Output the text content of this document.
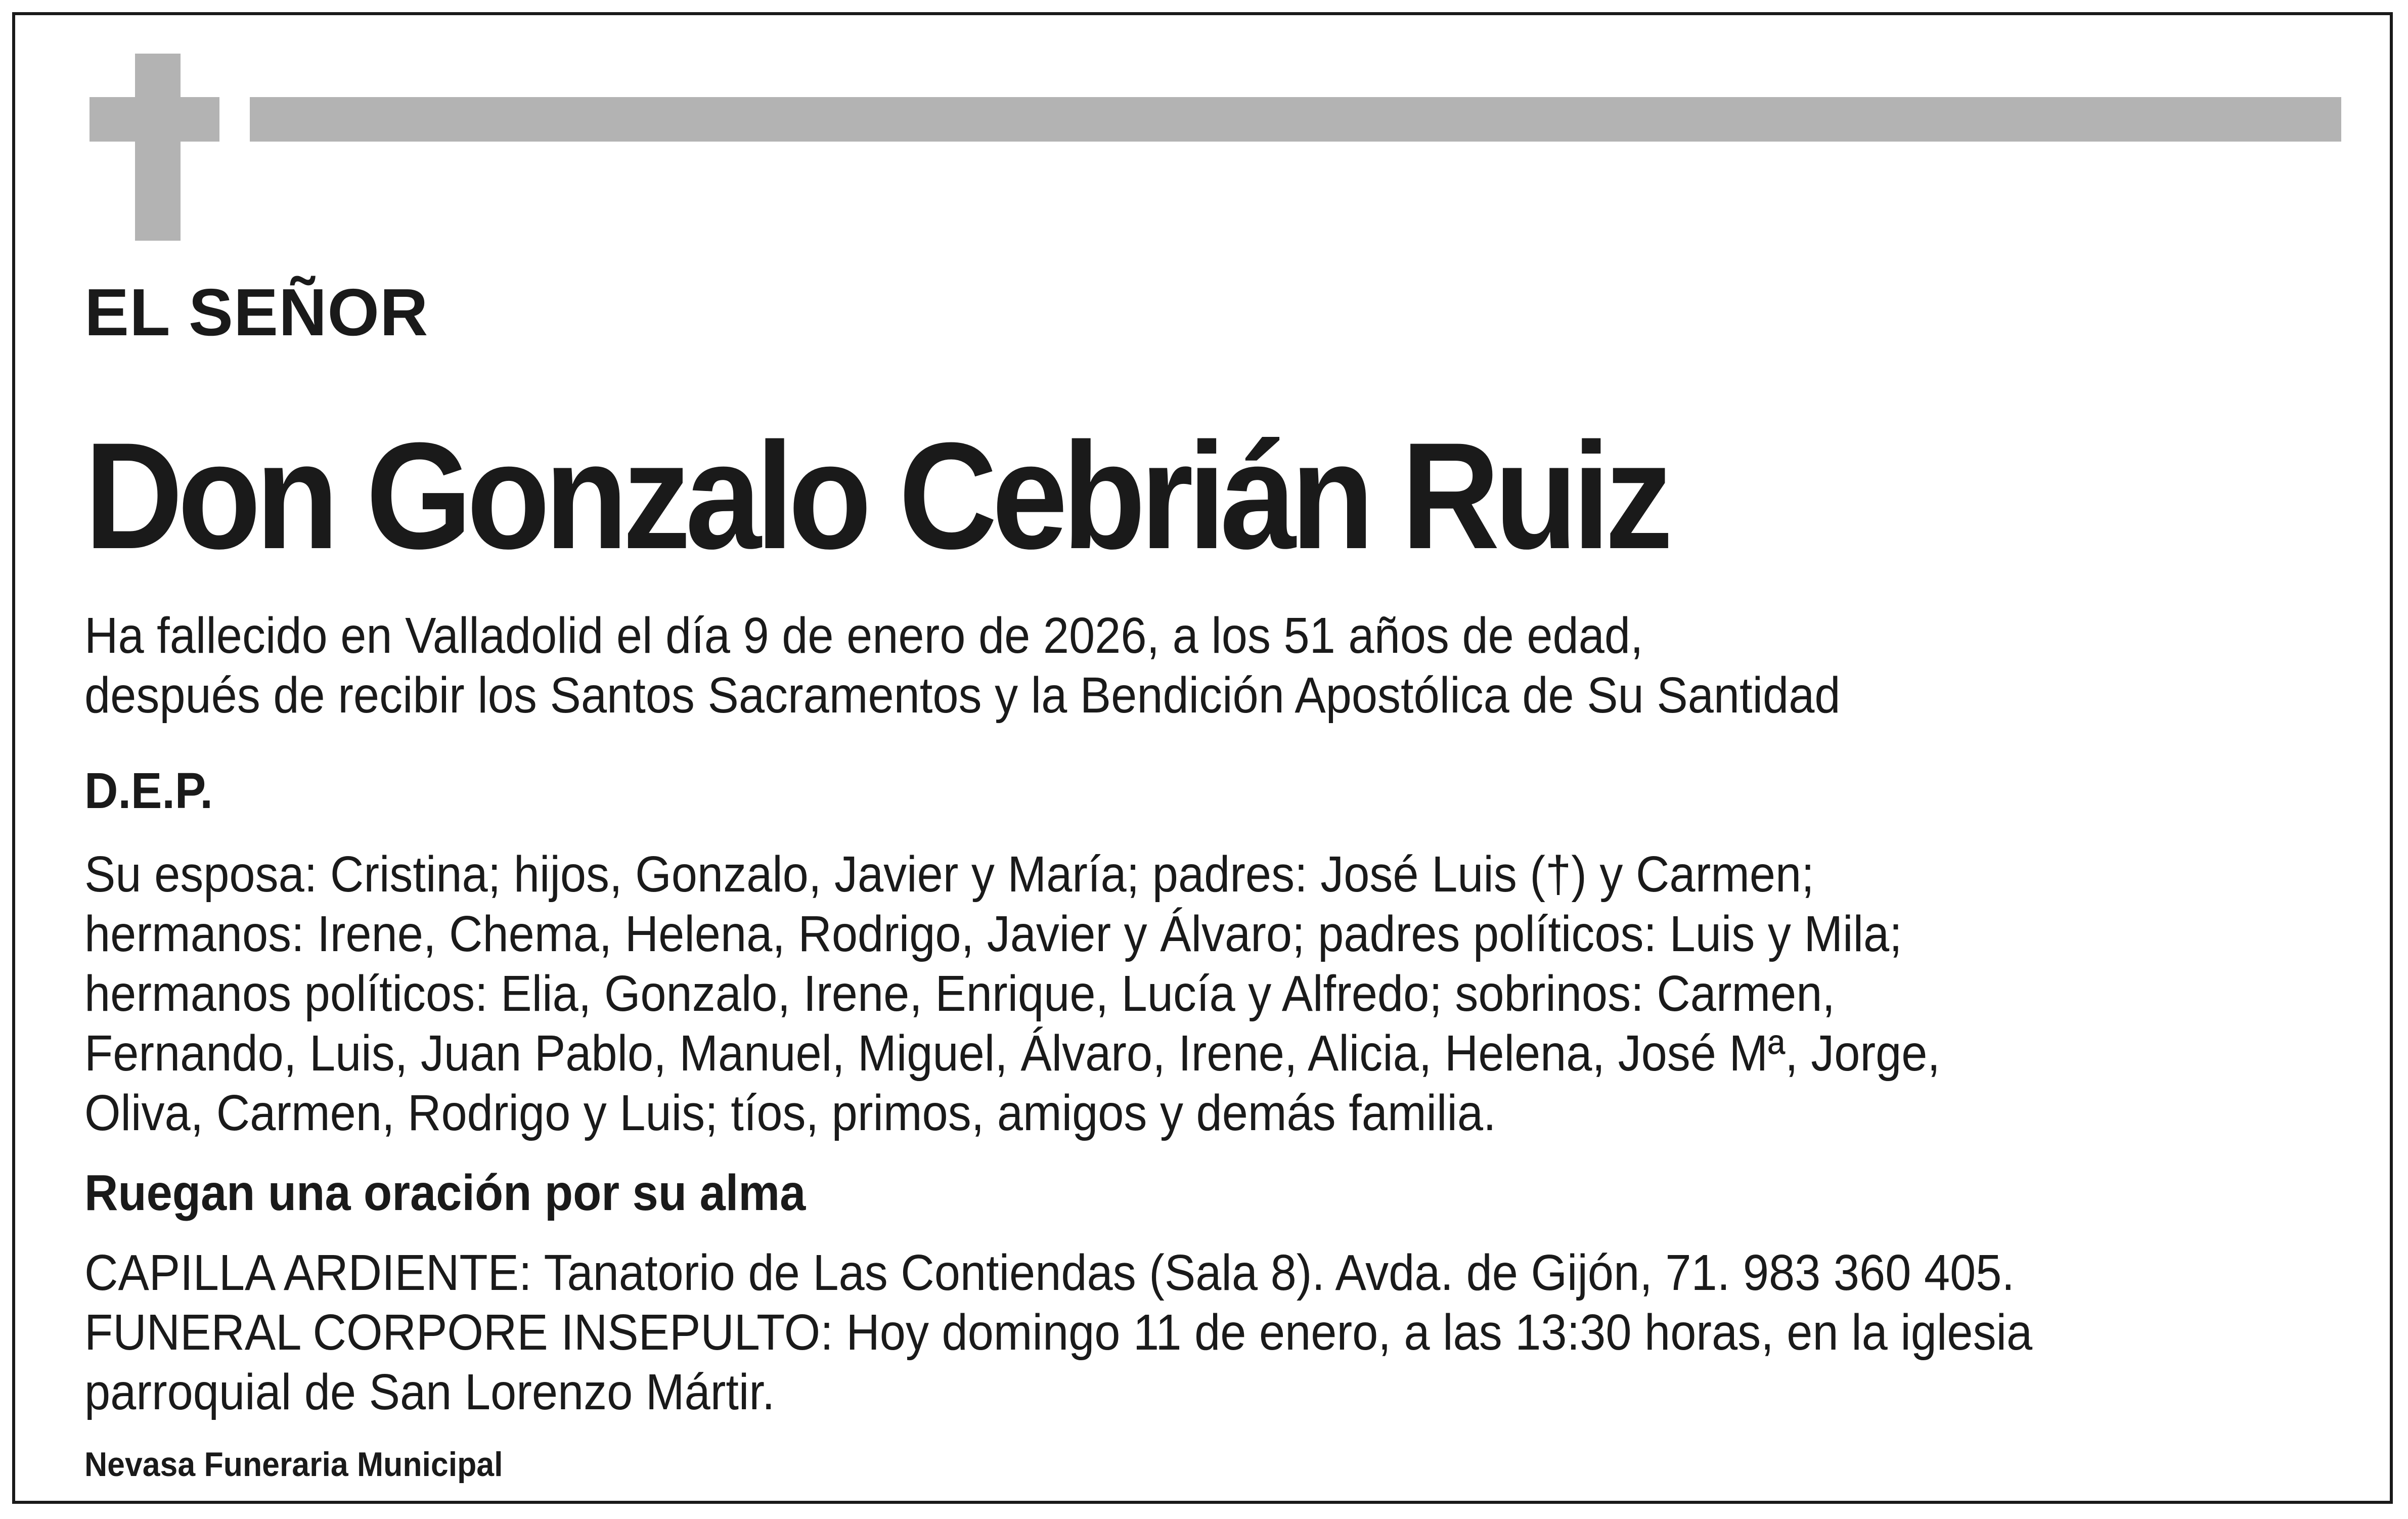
EL SEÑOR
Don Gonzalo Cebrián Ruiz
Ha fallecido en Valladolid el día 9 de enero de 2026, a los 51 años de edad,
después de recibir los Santos Sacramentos y la Bendición Apostólica de Su Santidad
D.E.P.
Su esposa: Cristina; hijos, Gonzalo, Javier y María; padres: José Luis (†) y Carmen;
hermanos: Irene, Chema, Helena, Rodrigo, Javier y Álvaro; padres políticos: Luis y Mila;
hermanos políticos: Elia, Gonzalo, Irene, Enrique, Lucía y Alfredo; sobrinos: Carmen,
Fernando, Luis, Juan Pablo, Manuel, Miguel, Álvaro, Irene, Alicia, Helena, José Mª, Jorge,
Oliva, Carmen, Rodrigo y Luis; tíos, primos, amigos y demás familia.
Ruegan una oración por su alma
CAPILLA ARDIENTE: Tanatorio de Las Contiendas (Sala 8). Avda. de Gijón, 71. 983 360 405.
FUNERAL CORPORE INSEPULTO: Hoy domingo 11 de enero, a las 13:30 horas, en la iglesia
parroquial de San Lorenzo Mártir.
Nevasa Funeraria Municipal
